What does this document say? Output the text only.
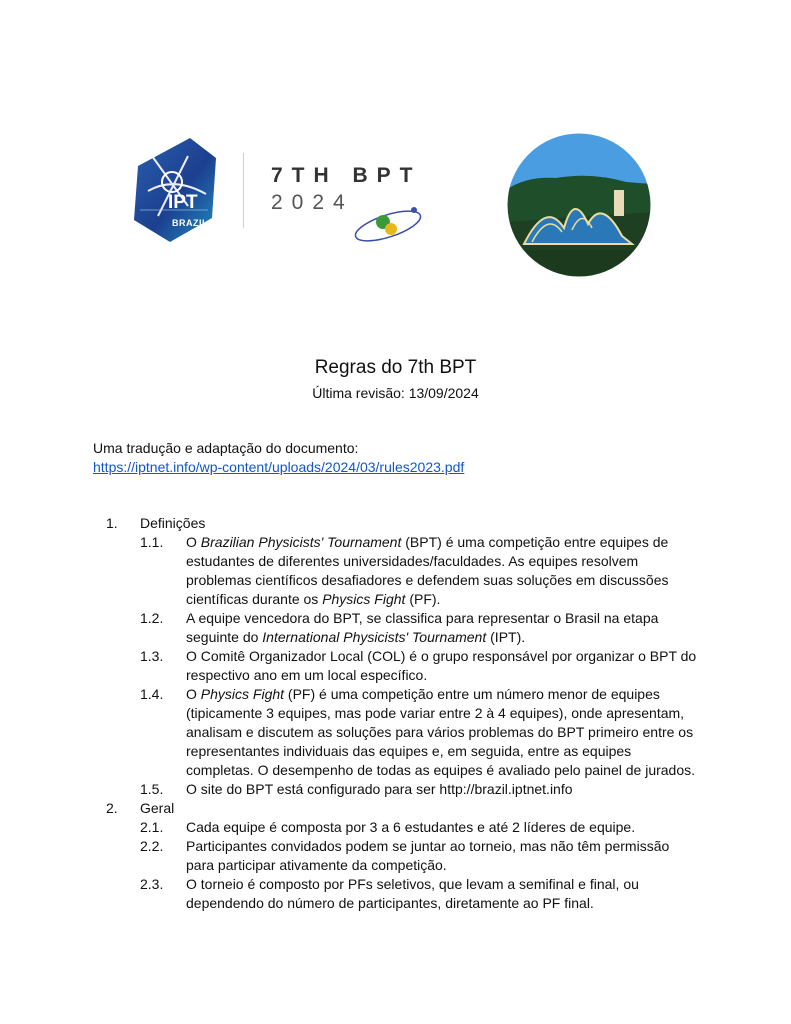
IPT
BRAZIL
7TH BPT
2024
Regras do 7th BPT
Última revisão: 13/09/2024
Uma tradução e adaptação do documento:
https://iptnet.info/wp-content/uploads/2024/03/rules2023.pdf
1. Definições
1.1. O Brazilian Physicists' Tournament (BPT) é uma competição entre equipes de estudantes de diferentes universidades/faculdades. As equipes resolvem problemas científicos desafiadores e defendem suas soluções em discussões científicas durante os Physics Fight (PF).
1.2. A equipe vencedora do BPT, se classifica para representar o Brasil na etapa seguinte do International Physicists' Tournament (IPT).
1.3. O Comitê Organizador Local (COL) é o grupo responsável por organizar o BPT do respectivo ano em um local específico.
1.4. O Physics Fight (PF) é uma competição entre um número menor de equipes (tipicamente 3 equipes, mas pode variar entre 2 à 4 equipes), onde apresentam, analisam e discutem as soluções para vários problemas do BPT primeiro entre os representantes individuais das equipes e, em seguida, entre as equipes completas. O desempenho de todas as equipes é avaliado pelo painel de jurados.
1.5. O site do BPT está configurado para ser http://brazil.iptnet.info
2. Geral
2.1. Cada equipe é composta por 3 a 6 estudantes e até 2 líderes de equipe.
2.2. Participantes convidados podem se juntar ao torneio, mas não têm permissão para participar ativamente da competição.
2.3. O torneio é composto por PFs seletivos, que levam a semifinal e final, ou dependendo do número de participantes, diretamente ao PF final.
